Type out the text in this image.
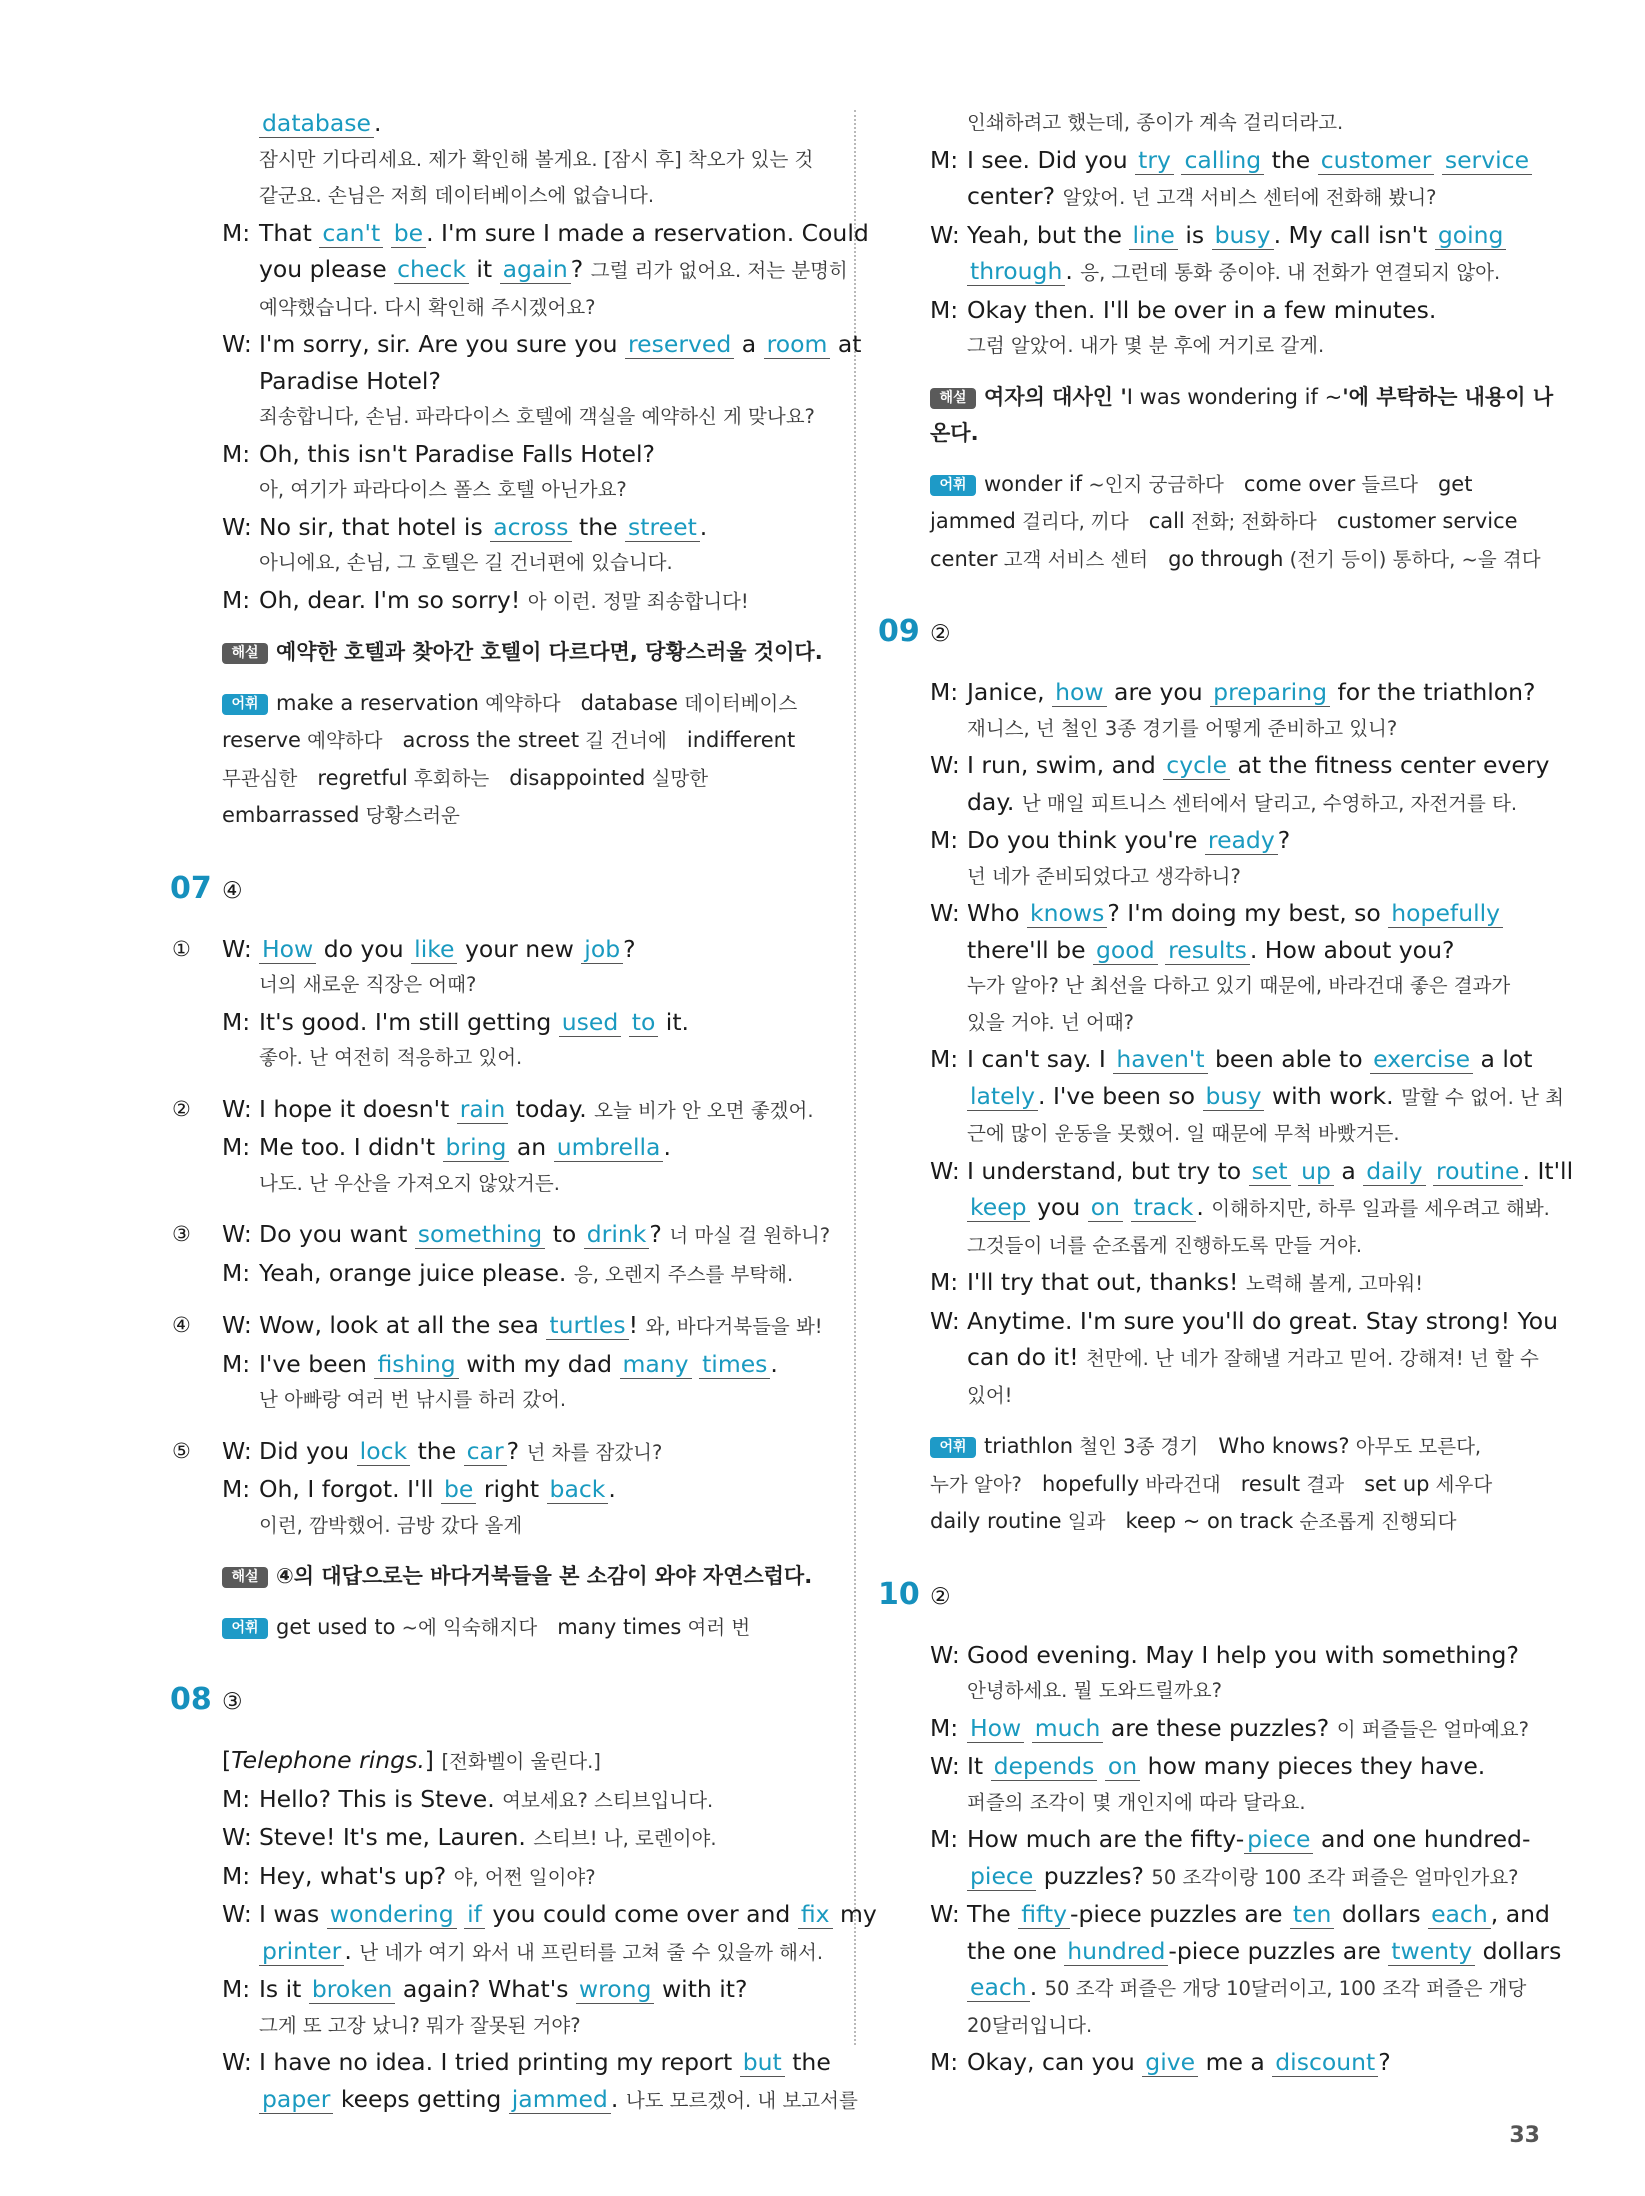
database .
잠시만 기다리세요. 제가 확인해 볼게요. [잠시 후] 착오가 있는 것
같군요. 손님은 저희 데이터베이스에 없습니다.
M: That can't be . I'm sure I made a reservation. Could
you please check it again ? 그럴 리가 없어요. 저는 분명히
예약했습니다. 다시 확인해 주시겠어요?
W: I'm sorry, sir. Are you sure you reserved a room at
Paradise Hotel?
죄송합니다, 손님. 파라다이스 호텔에 객실을 예약하신 게 맞나요?
M: Oh, this isn't Paradise Falls Hotel?
아, 여기가 파라다이스 폴스 호텔 아닌가요?
W: No sir, that hotel is across the street .
아니에요, 손님, 그 호텔은 길 건너편에 있습니다.
M: Oh, dear. I'm so sorry! 아 이런. 정말 죄송합니다!
해설 예약한 호텔과 찾아간 호텔이 다르다면, 당황스러울 것이다.
어휘 make a reservation 예약하다 database 데이터베이스
reserve 예약하다 across the street 길 건너에 indifferent
무관심한 regretful 후회하는 disappointed 실망한
embarrassed 당황스러운
07 ④
① W: How do you like your new job ?
너의 새로운 직장은 어때?
M: It's good. I'm still getting used to it.
좋아. 난 여전히 적응하고 있어.
② W: I hope it doesn't rain today. 오늘 비가 안 오면 좋겠어.
M: Me too. I didn't bring an umbrella .
나도. 난 우산을 가져오지 않았거든.
③ W: Do you want something to drink ? 너 마실 걸 원하니?
M: Yeah, orange juice please. 응, 오렌지 주스를 부탁해.
④ W: Wow, look at all the sea turtles ! 와, 바다거북들을 봐!
M: I've been fishing with my dad many times .
난 아빠랑 여러 번 낚시를 하러 갔어.
⑤ W: Did you lock the car ? 넌 차를 잠갔니?
M: Oh, I forgot. I'll be right back .
이런, 깜박했어. 금방 갔다 올게
해설 ④의 대답으로는 바다거북들을 본 소감이 와야 자연스럽다.
어휘 get used to ~에 익숙해지다 many times 여러 번
08 ③
[Telephone rings.] [전화벨이 울린다.]
M: Hello? This is Steve. 여보세요? 스티브입니다.
W: Steve! It's me, Lauren. 스티브! 나, 로렌이야.
M: Hey, what's up? 야, 어쩐 일이야?
W: I was wondering if you could come over and fix my
printer . 난 네가 여기 와서 내 프린터를 고쳐 줄 수 있을까 해서.
M: Is it broken again? What's wrong with it?
그게 또 고장 났니? 뭐가 잘못된 거야?
W: I have no idea. I tried printing my report but the
paper keeps getting jammed . 나도 모르겠어. 내 보고서를
인쇄하려고 했는데, 종이가 계속 걸리더라고.
M: I see. Did you try calling the customer service
center? 알았어. 넌 고객 서비스 센터에 전화해 봤니?
W: Yeah, but the line is busy . My call isn't going
through . 응, 그런데 통화 중이야. 내 전화가 연결되지 않아.
M: Okay then. I'll be over in a few minutes.
그럼 알았어. 내가 몇 분 후에 거기로 갈게.
해설 여자의 대사인 'I was wondering if ~'에 부탁하는 내용이 나
온다.
어휘 wonder if ~인지 궁금하다 come over 들르다 get
jammed 걸리다, 끼다 call 전화; 전화하다 customer service
center 고객 서비스 센터 go through (전기 등이) 통하다, ~을 겪다
09 ②
M: Janice, how are you preparing for the triathlon?
재니스, 넌 철인 3종 경기를 어떻게 준비하고 있니?
W: I run, swim, and cycle at the fitness center every
day. 난 매일 피트니스 센터에서 달리고, 수영하고, 자전거를 타.
M: Do you think you're ready ?
넌 네가 준비되었다고 생각하니?
W: Who knows ? I'm doing my best, so hopefully
there'll be good results . How about you?
누가 알아? 난 최선을 다하고 있기 때문에, 바라건대 좋은 결과가
있을 거야. 넌 어때?
M: I can't say. I haven't been able to exercise a lot
lately . I've been so busy with work. 말할 수 없어. 난 최
근에 많이 운동을 못했어. 일 때문에 무척 바빴거든.
W: I understand, but try to set up a daily routine . It'll
keep you on track . 이해하지만, 하루 일과를 세우려고 해봐.
그것들이 너를 순조롭게 진행하도록 만들 거야.
M: I'll try that out, thanks! 노력해 볼게, 고마워!
W: Anytime. I'm sure you'll do great. Stay strong! You
can do it! 천만에. 난 네가 잘해낼 거라고 믿어. 강해져! 넌 할 수
있어!
어휘 triathlon 철인 3종 경기 Who knows? 아무도 모른다,
누가 알아? hopefully 바라건대 result 결과 set up 세우다
daily routine 일과 keep ~ on track 순조롭게 진행되다
10 ②
W: Good evening. May I help you with something?
안녕하세요. 뭘 도와드릴까요?
M: How much are these puzzles? 이 퍼즐들은 얼마예요?
W: It depends on how many pieces they have.
퍼즐의 조각이 몇 개인지에 따라 달라요.
M: How much are the fifty- piece and one hundred-
piece puzzles? 50 조각이랑 100 조각 퍼즐은 얼마인가요?
W: The fifty -piece puzzles are ten dollars each , and
the one hundred -piece puzzles are twenty dollars
each . 50 조각 퍼즐은 개당 10달러이고, 100 조각 퍼즐은 개당
20달러입니다.
M: Okay, can you give me a discount ?
33
